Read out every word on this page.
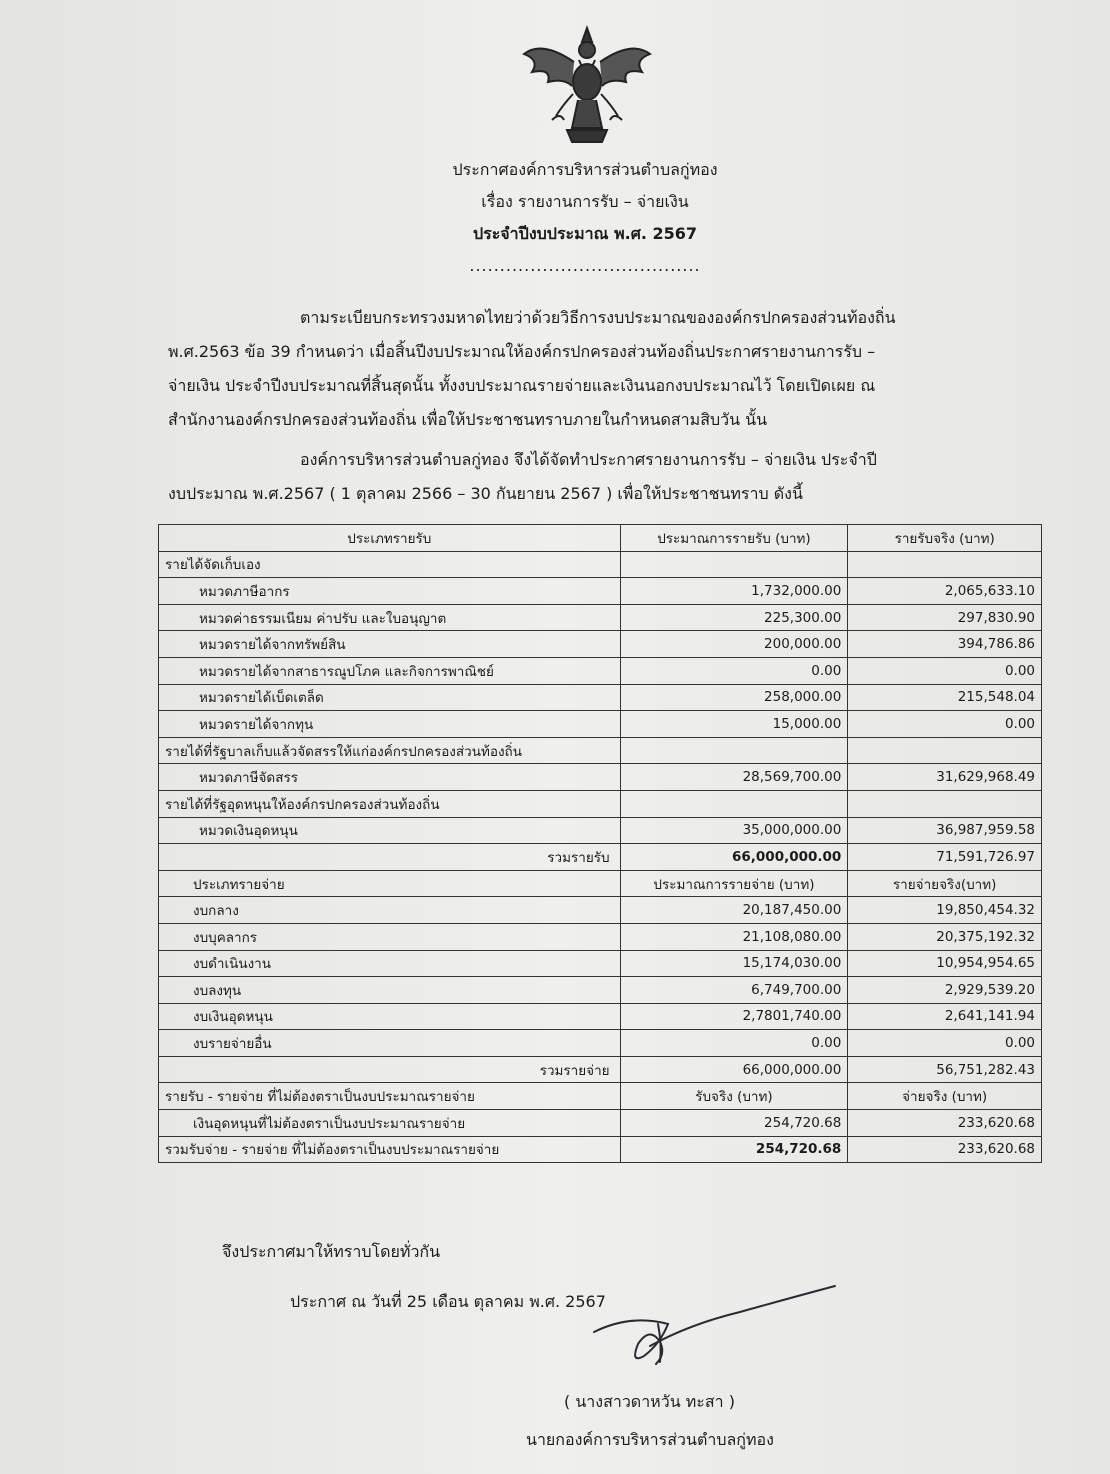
ประกาศองค์การบริหารส่วนตำบลกู่ทอง
เรื่อง รายงานการรับ – จ่ายเงิน
ประจำปีงบประมาณ พ.ศ. 2567
......................................
ตามระเบียบกระทรวงมหาดไทยว่าด้วยวิธีการงบประมาณขององค์กรปกครองส่วนท้องถิ่น
พ.ศ.2563 ข้อ 39 กำหนดว่า เมื่อสิ้นปีงบประมาณให้องค์กรปกครองส่วนท้องถิ่นประกาศรายงานการรับ –
จ่ายเงิน ประจำปีงบประมาณที่สิ้นสุดนั้น ทั้งงบประมาณรายจ่ายและเงินนอกงบประมาณไว้ โดยเปิดเผย ณ
สำนักงานองค์กรปกครองส่วนท้องถิ่น เพื่อให้ประชาชนทราบภายในกำหนดสามสิบวัน นั้น
องค์การบริหารส่วนตำบลกู่ทอง จึงได้จัดทำประกาศรายงานการรับ – จ่ายเงิน ประจำปี
งบประมาณ พ.ศ.2567 ( 1 ตุลาคม 2566 – 30 กันยายน 2567 ) เพื่อให้ประชาชนทราบ ดังนี้
ประเภทรายรับ	ประมาณการรายรับ (บาท)	รายรับจริง (บาท)
รายได้จัดเก็บเอง		
หมวดภาษีอากร	1,732,000.00	2,065,633.10
หมวดค่าธรรมเนียม ค่าปรับ และใบอนุญาต	225,300.00	297,830.90
หมวดรายได้จากทรัพย์สิน	200,000.00	394,786.86
หมวดรายได้จากสาธารณูปโภค และกิจการพาณิชย์	0.00	0.00
หมวดรายได้เบ็ดเตล็ด	258,000.00	215,548.04
หมวดรายได้จากทุน	15,000.00	0.00
รายได้ที่รัฐบาลเก็บแล้วจัดสรรให้แก่องค์กรปกครองส่วนท้องถิ่น		
หมวดภาษีจัดสรร	28,569,700.00	31,629,968.49
รายได้ที่รัฐอุดหนุนให้องค์กรปกครองส่วนท้องถิ่น		
หมวดเงินอุดหนุน	35,000,000.00	36,987,959.58
รวมรายรับ	66,000,000.00	71,591,726.97
ประเภทรายจ่าย	ประมาณการรายจ่าย (บาท)	รายจ่ายจริง(บาท)
งบกลาง	20,187,450.00	19,850,454.32
งบบุคลากร	21,108,080.00	20,375,192.32
งบดำเนินงาน	15,174,030.00	10,954,954.65
งบลงทุน	6,749,700.00	2,929,539.20
งบเงินอุดหนุน	2,7801,740.00	2,641,141.94
งบรายจ่ายอื่น	0.00	0.00
รวมรายจ่าย	66,000,000.00	56,751,282.43
รายรับ - รายจ่าย ที่ไม่ต้องตราเป็นงบประมาณรายจ่าย	รับจริง (บาท)	จ่ายจริง (บาท)
เงินอุดหนุนที่ไม่ต้องตราเป็นงบประมาณรายจ่าย	254,720.68	233,620.68
รวมรับจ่าย - รายจ่าย ที่ไม่ต้องตราเป็นงบประมาณรายจ่าย	254,720.68	233,620.68
จึงประกาศมาให้ทราบโดยทั่วกัน
ประกาศ ณ วันที่ 25 เดือน ตุลาคม พ.ศ. 2567
( นางสาวดาหวัน ทะสา )
นายกองค์การบริหารส่วนตำบลกู่ทอง
